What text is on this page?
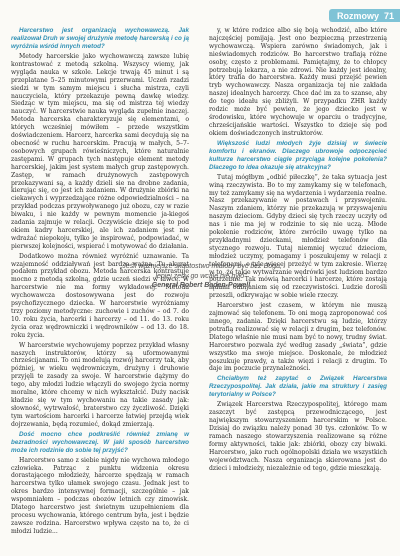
Rozmowy 71

Harcerstwo jest organizacją wychowawczą. Jak realizował Druh w swojej drużynie metodę harcerską i co ją wyróżnia wśród innych metod?

Metody harcerskie jako wychowawczą zawsze lubię kontrastować z metodą szkolną. Wszyscy wiemy, jak wygląda nauka w szkole. Lekcje trwają 45 minut i są przeplatane 5–25 minutowymi przerwami. Uczeń rzadzi siedzi w tym samym miejscu i słucha mistrza, czyli nauczyciela, który przekazuje pewną dawkę wiedzy. Siedząc w tym miejscu, ma się od mistrza tej wiedzy nauczyć. W harcerstwie nauka wygląda zupełnie inaczej. Metoda harcerska charakteryzuje się elementami, o których wcześniej mówiłem – przede wszystkim doświadczeniem. Harcerz, harcerka sami decydują się na obecność w ruchu harcerskim. Pracują w małych, 5–7-osobowych grupach rówieśniczych, które naturalnie zastępami. W grupach tych następuje element metody harcerskiej, jakim jest system małych grup zastępowych. Zastęp, w ramach drużynowych zastępowych przekazywani są, a każdy dzieli sie na drobne zadania, kierując się, co jest ich zadaniem. W drużynie zbiórki na ciekawych i wyprzedzające różne odpowiedzialności – na przykład podczas przywoływanego już obozu, czy w razie biwaku, i nie każdy w pewnym momencie ja-kiegoś zadania zajmuje w relacji. Oczywiście dzieje się to pod okiem kadry harcerskiej, ale ich zadaniem jest nie wdrażać niepokoju, tylko je inspirować, podpowiadać, w pierwszej kolejności, wspierać i motywować do działania.

Dodatkowo można również wyróżnić uznawanie. Ta wzajemność oddziaływań jest bardzo ważna. Tu akurat podałem przykład obozu. Metoda harcerska kontrastuje mocno z metodą szkolną, gdzie uczeń siedzi w ławce. W harcerstwie nie ma formy wykładowej. Metoda wychowawcza dostosowywana jest do rozwoju psychofizycznego dziecka. W harcerstwie wyróżniamy trzy poziomy metodyczne: zuchowie i zuchów – od 7. do 10. roku życia, harcerki i harcerzy – od 11. do 13. roku życia oraz wędrowniczki i wędrowników – od 13. do 18. roku życia.

W harcerstwie wychowujemy poprzez przykład własny naszych instruktorów, którzy są uformowanymi chrześcijanami. To oni modelują rozwój harcerzy tak, aby później, w wieku wędrowniczym, drużyny i druhowie przyjęli te zasady za swoje. W harcerstwie dążymy do tego, aby młodzi ludzie włączyli do swojego życia normy moralne, które chcemy w nich wykształcić. Duży nacisk kładzie się w tym wychowaniu na takie zasady jak: słowność, wytrwałość, braterstwo czy życzliwość. Dzięki tym wartościom harcerki i harcerze łatwiej przejdą wiek dojrzewania, będą rozumieć, dokąd zmierzają.

Dość mocno chce podkreślić również zmianę w bezradności wychowawczej. W jaki sposób harcerstwo może ich rodzinie do sobie tej przyjść?

Harcerstwo samo z siebie nigdy nie wychowa młodego człowieka. Patrząc z punktu widzenia okresu dorastającego młodzieży, harcerze spędzają w ramach harcerstwa tylko ułamek swojego czasu. Jednak jest to okres bardzo intensywnej formacji, szczególnie – jak wspomniałem – podczas obozów letnich czy zimowisk. Dlatego harcerstwo jest świetnym uzupełnieniem dla procesu wychowania, którego centrum była, jest i będzie zawsze rodzina. Harcerstwo wpływa często na to, że ci młodzi ludzie...

y, w które rodzice albo się boją wchodzić, albo które najczęściej pomijają. Jest ono bezpieczną przestrzenią wychowawczą. Wspiera zarówno świadomych, jak i nieświadomych rodziców. Bo harcerstwo trafiają różne osoby, często z problemami. Pamiętajmy, że to chłopcy potrzebują lekarza, a nie zdrowi. Nie każdy jest idealny, który trafia do harcerstwa. Każdy musi przejść pewien tryb wychowawczy. Nasza organizacja tej nie zakłada naszej idealnych harcerzy. Chce dać im za to szanse, aby do tego ideału się zbliżyli. W przypadku ZHR każdy rodzic może być pewien, że jego dziecko jest w środowisku, które wychowuje w oparciu o tradycyjne, chrześcijańskie wartości. Wszystko to dzieje się pod okiem doświadczonych instruktorów.

Większość ludzi młodych żyje dzisiaj w świecie komfortu i ekranów. Dlaczego ubrowoje odpoczęcieć kulturze harcerstwo ciągle przyciąga kolejne pokolenia? Dlaczego to idea okazuje się atrakcyjna?

Tutaj mógłbym „odbić piłeczkę”, że taka sytuacja jest winą rzeczywista. Bo to my zamykamy się w telefonach, my też zamykamy się na wydarzenia i wydarzenia realne. Nasz przekazywanie w postawach i przyswojeniu. Naszym zdaniem, którzy nie przekazują w przyswajeniu naszym dzieciom. Gdyby dzieci się tych rzeczy uczyły od nas i nie ma jej w rodzinie to się nie uczą. Młode pokolenie rodziców, które zwróciło uwagę tylko na przykładnymi dzieckami, młodzież telefonów dla stycznego rozwoju. Tutaj niemniej wyczuć dzieciom, młodzież uczymy, pomagamy i poszukujemy w relacji z telefonami, o tyle więcej przeżyć w tym zakresie. Wierzę w to, że takie wytwarzanie wędrówki jest ludziom bardzo potrzebne. Tak mówią harcerki i harcerze, które zostają lądami odbijaniem się od rzeczywistości. Ludzie dorośli przeszli, odkrywając w sobie wiele rzeczy.

Harcerstwo jest czasem, w którym nie muszą zajmować się telefonem. To oni mogą zaproponować coś innego, zadania. Dzięki harcerstwu są ludzie, którzy potrafią realizować się w relacji z drugim, bez telefonów. Dlatego właśnie nie musi nam być to nowy, trudny świat. Harcerstwo pozwala żyć według zasady „świata”, gdzie wszystko ma swoje miejsce. Doskonale, że młodzież poszukuje prawdy, a także więzi i relacji z drugim. To daje im poczucie przynależności.

Chciałbym też zapytać o Związek Harcerstwa Rzeczypospolitej. Jak działa, jakie ma struktury i zasięg terytorialny w Polsce?

Związek Harcerstwa Rzeczypospolitej, którego mam zaszczyt być zastępcą przewodniczącego, jest największym stowarzyszeniem harcerskim w Polsce. Dzisiaj do związku należy ponad 30 tys. członków. To w ramach naszego stowarzyszenia realizowane są różne formy aktywności, takie jak: zbiórki, obozy czy biwaki. Harcerstwo, jako ruch ogólnopolski działa we wszystkich województwach. Nasza organizacja skierowana jest do dzieci i młodzieży, niezależnie od tego, gdzie mieszkają.

„Jeśli ważniejsze skautostwo miałoby być bez Boga, lepiej żeby go wcale nie było”
Generał Robert Baden-Powell
